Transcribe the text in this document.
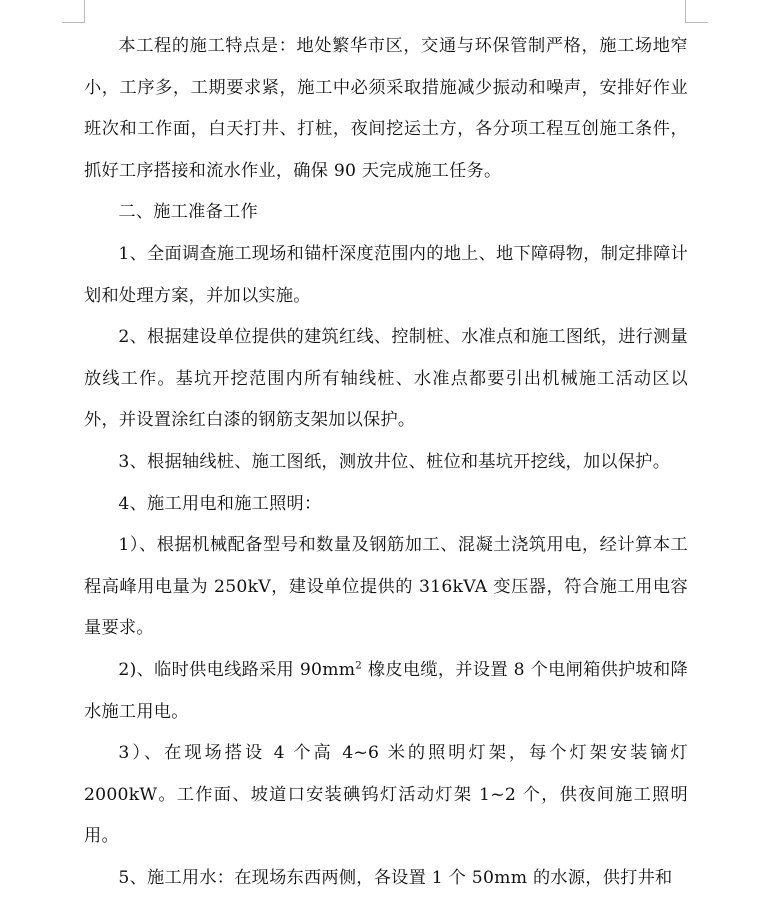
本工程的施工特点是：地处繁华市区，交通与环保管制严格，施工场地窄小，工序多，工期要求紧，施工中必须采取措施减少振动和噪声，安排好作业班次和工作面，白天打井、打桩，夜间挖运土方，各分项工程互创施工条件，抓好工序搭接和流水作业，确保 90 天完成施工任务。

二、施工准备工作

1、全面调查施工现场和锚杆深度范围内的地上、地下障碍物，制定排障计划和处理方案，并加以实施。

2、根据建设单位提供的建筑红线、控制桩、水准点和施工图纸，进行测量放线工作。基坑开挖范围内所有轴线桩、水准点都要引出机械施工活动区以外，并设置涂红白漆的钢筋支架加以保护。

3、根据轴线桩、施工图纸，测放井位、桩位和基坑开挖线，加以保护。

4、施工用电和施工照明：

1）、根据机械配备型号和数量及钢筋加工、混凝土浇筑用电，经计算本工程高峰用电量为 250kV，建设单位提供的 316kVA 变压器，符合施工用电容量要求。

2)、临时供电线路采用 $90mm^2$ 橡皮电缆，并设置 8 个电闸箱供护坡和降水施工用电。

3）、在现场搭设 4 个高 4~6 米的照明灯架，每个灯架安装镝灯 2000kW。工作面、坡道口安装碘钨灯活动灯架 1~2 个，供夜间施工照明用。

5、施工用水：在现场东西两侧，各设置 1 个 50mm 的水源，供打井和
